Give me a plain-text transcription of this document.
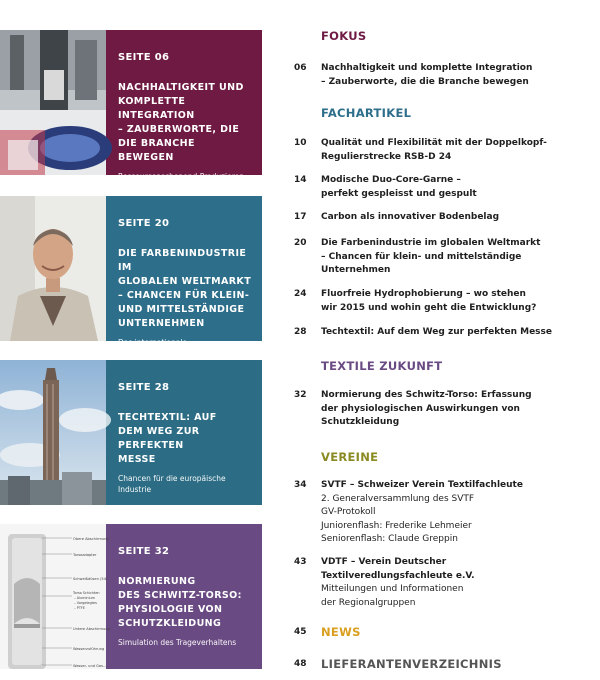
SEITE 06
NACHHALTIGKEIT UND
KOMPLETTE INTEGRATION
– ZAUBERWORTE, DIE
DIE BRANCHE BEWEGEN
Ressourcenschonend Produzieren
SEITE 20
DIE FARBENINDUSTRIE IM
GLOBALEN WELTMARKT
– CHANCEN FÜR KLEIN-
UND MITTELSTÄNDIGE
UNTERNEHMEN
Das internationale Farbstoffbusiness
SEITE 28
TECHTEXTIL: AUF
DEM WEG ZUR PERFEKTEN
MESSE
Chancen für die europäische
Industrie
Obere Abschirmung
Torsoadapter
Schweißdüsen (54)
Torso Schichten
– Aluminium
– Vorgelegtes
– PTFE
Untere Abschirmung
Wasserzuführung
Wasser- und Gas...
SEITE 32
NORMIERUNG
DES SCHWITZ-TORSO:
PHYSIOLOGIE VON
SCHUTZKLEIDUNG
Simulation des Trageverhaltens
FOKUS
06	Nachhaltigkeit und komplette Integration
– Zauberworte, die die Branche bewegen
FACHARTIKEL
10	Qualität und Flexibilität mit der Doppelkopf-
Regulierstrecke RSB-D 24
14	Modische Duo-Core-Garne –
perfekt gespleisst und gespult
17	Carbon als innovativer Bodenbelag
20	Die Farbenindustrie im globalen Weltmarkt
– Chancen für klein- und mittelständige
Unternehmen
24	Fluorfreie Hydrophobierung – wo stehen
wir 2015 und wohin geht die Entwicklung?
28	Techtextil: Auf dem Weg zur perfekten Messe
TEXTILE ZUKUNFT
32	Normierung des Schwitz-Torso: Erfassung
der physiologischen Auswirkungen von
Schutzkleidung
VEREINE
34	SVTF – Schweizer Verein Textilfachleute
2. Generalversammlung des SVTF
GV-Protokoll
Juniorenflash: Frederike Lehmeier
Seniorenflash: Claude Greppin
43	VDTF – Verein Deutscher
Textilveredlungsfachleute e.V.
Mitteilungen und Informationen
der Regionalgruppen
45	NEWS
48	LIEFERANTENVERZEICHNIS
